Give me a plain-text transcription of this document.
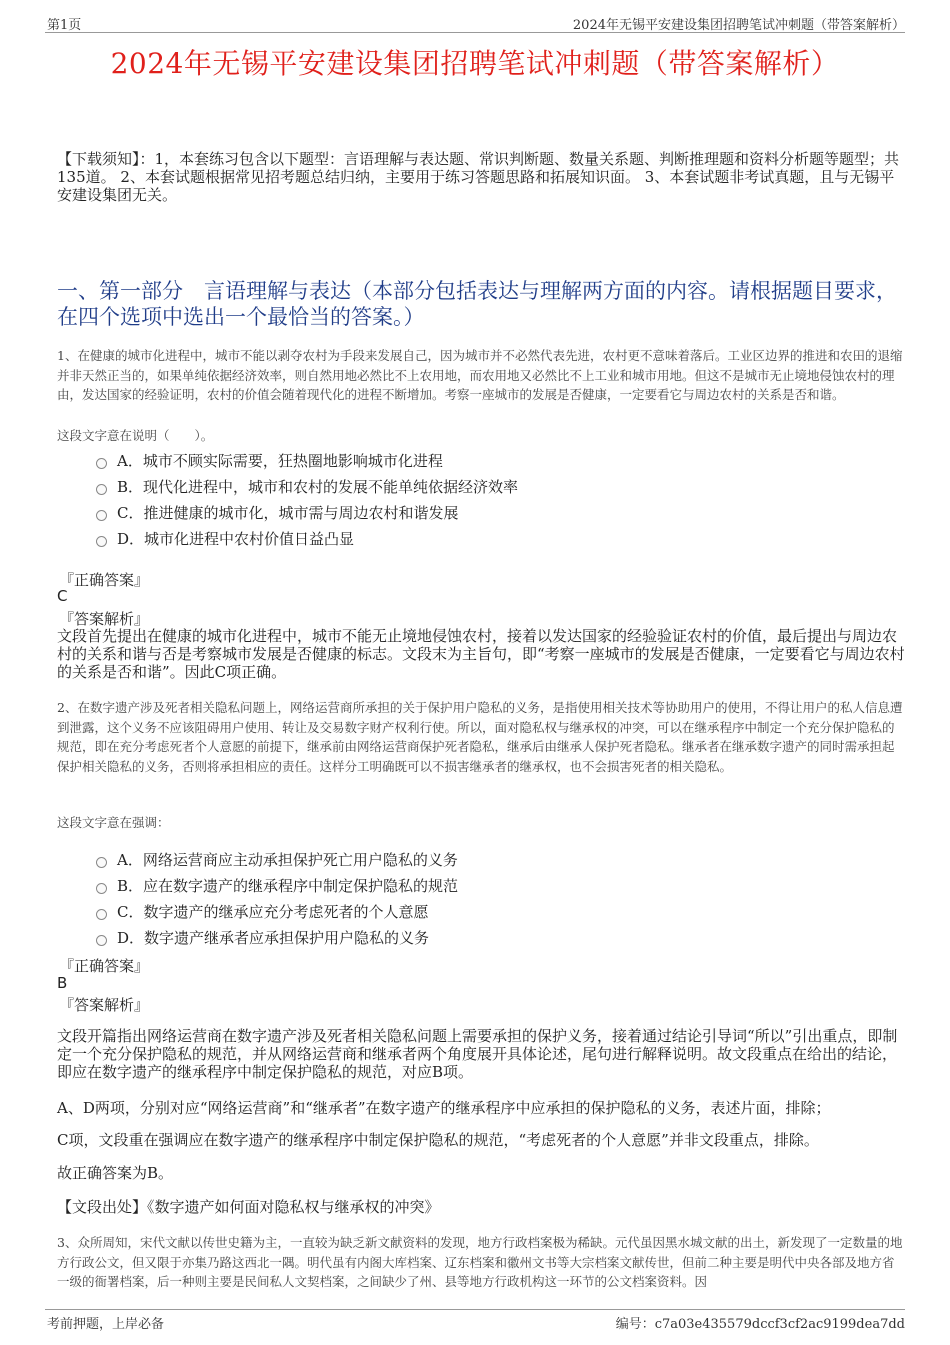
第1页	2024年无锡平安建设集团招聘笔试冲刺题（带答案解析）
2024年无锡平安建设集团招聘笔试冲刺题（带答案解析）
【下载须知】：1，本套练习包含以下题型：言语理解与表达题、常识判断题、数量关系题、判断推理题和资料分析题等题型；共135道。 2、本套试题根据常见招考题总结归纳，主要用于练习答题思路和拓展知识面。 3、本套试题非考试真题，且与无锡平安建设集团无关。
一、第一部分　言语理解与表达（本部分包括表达与理解两方面的内容。请根据题目要求，在四个选项中选出一个最恰当的答案。）
1、在健康的城市化进程中，城市不能以剥夺农村为手段来发展自己，因为城市并不必然代表先进，农村更不意味着落后。工业区边界的推进和农田的退缩并非天然正当的，如果单纯依据经济效率，则自然用地必然比不上农用地，而农用地又必然比不上工业和城市用地。但这不是城市无止境地侵蚀农村的理由，发达国家的经验证明，农村的价值会随着现代化的进程不断增加。考察一座城市的发展是否健康，一定要看它与周边农村的关系是否和谐。
这段文字意在说明（　　）。
A．城市不顾实际需要，狂热圈地影响城市化进程
B．现代化进程中，城市和农村的发展不能单纯依据经济效率
C．推进健康的城市化，城市需与周边农村和谐发展
D．城市化进程中农村价值日益凸显
『正确答案』
C
『答案解析』
文段首先提出在健康的城市化进程中，城市不能无止境地侵蚀农村，接着以发达国家的经验验证农村的价值，最后提出与周边农村的关系和谐与否是考察城市发展是否健康的标志。文段末为主旨句，即“考察一座城市的发展是否健康，一定要看它与周边农村的关系是否和谐”。因此C项正确。
2、在数字遗产涉及死者相关隐私问题上，网络运营商所承担的关于保护用户隐私的义务，是指使用相关技术等协助用户的使用，不得让用户的私人信息遭到泄露，这个义务不应该阻碍用户使用、转让及交易数字财产权利行使。所以，面对隐私权与继承权的冲突，可以在继承程序中制定一个充分保护隐私的规范，即在充分考虑死者个人意愿的前提下，继承前由网络运营商保护死者隐私，继承后由继承人保护死者隐私。继承者在继承数字遗产的同时需承担起保护相关隐私的义务，否则将承担相应的责任。这样分工明确既可以不损害继承者的继承权，也不会损害死者的相关隐私。
这段文字意在强调：
A．网络运营商应主动承担保护死亡用户隐私的义务
B．应在数字遗产的继承程序中制定保护隐私的规范
C．数字遗产的继承应充分考虑死者的个人意愿
D．数字遗产继承者应承担保护用户隐私的义务
『正确答案』
B
『答案解析』
文段开篇指出网络运营商在数字遗产涉及死者相关隐私问题上需要承担的保护义务，接着通过结论引导词“所以”引出重点，即制定一个充分保护隐私的规范，并从网络运营商和继承者两个角度展开具体论述，尾句进行解释说明。故文段重点在给出的结论，即应在数字遗产的继承程序中制定保护隐私的规范，对应B项。
A、D两项，分别对应“网络运营商”和“继承者”在数字遗产的继承程序中应承担的保护隐私的义务，表述片面，排除；
C项，文段重在强调应在数字遗产的继承程序中制定保护隐私的规范，“考虑死者的个人意愿”并非文段重点，排除。
故正确答案为B。
【文段出处】《数字遗产如何面对隐私权与继承权的冲突》
3、众所周知，宋代文献以传世史籍为主，一直较为缺乏新文献资料的发现，地方行政档案极为稀缺。元代虽因黑水城文献的出土，新发现了一定数量的地方行政公文，但又限于亦集乃路这西北一隅。明代虽有内阁大库档案、辽东档案和徽州文书等大宗档案文献传世，但前二种主要是明代中央各部及地方省一级的衙署档案，后一种则主要是民间私人文契档案，之间缺少了州、县等地方行政机构这一环节的公文档案资料。因
考前押题，上岸必备	编号：c7a03e435579dccf3cf2ac9199dea7dd
